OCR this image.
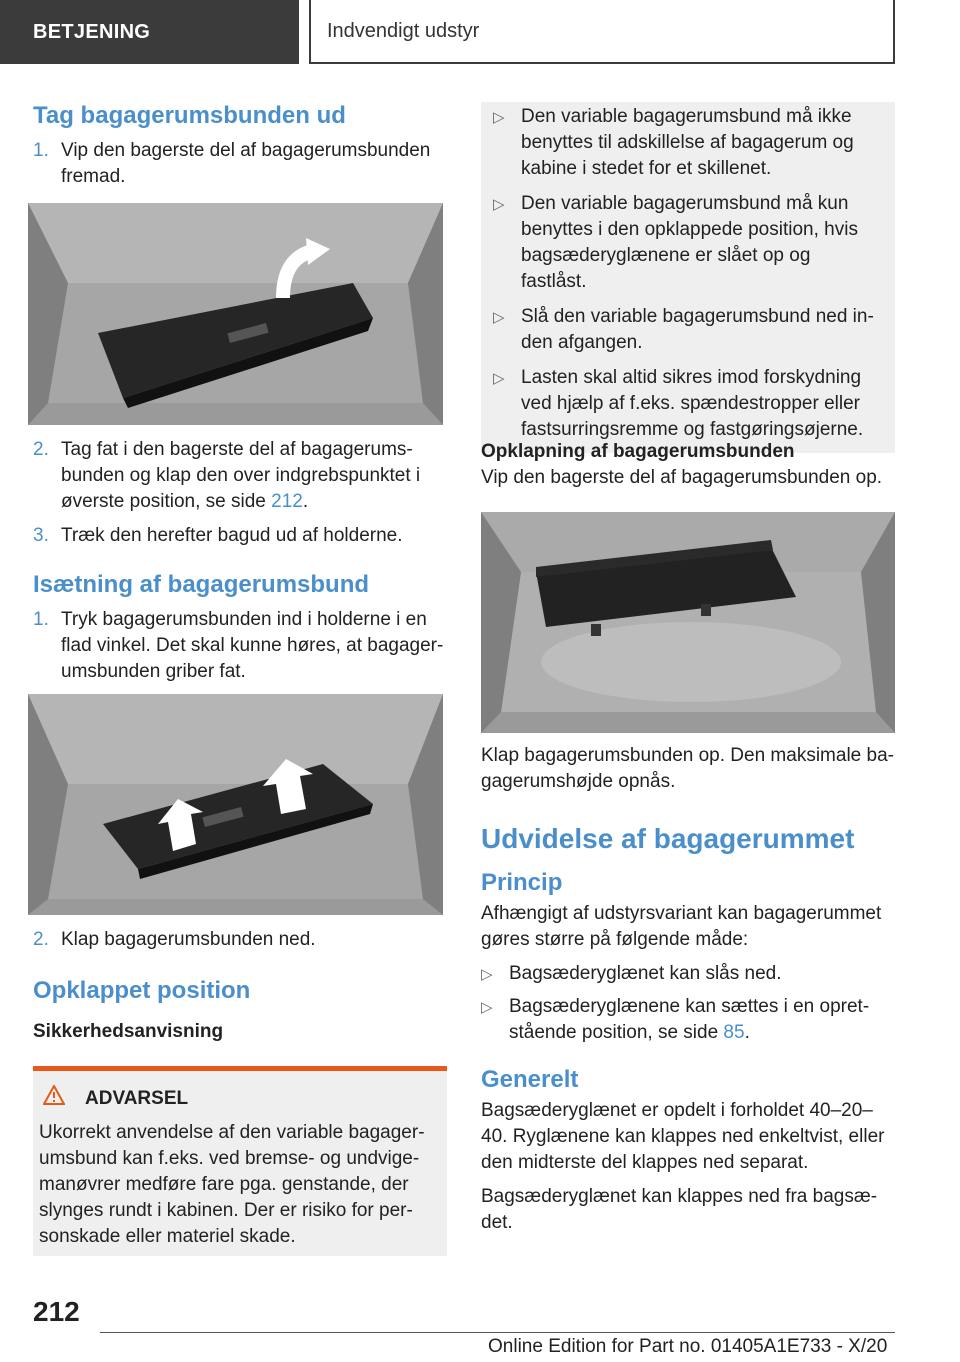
BETJENING	Indvendigt udstyr
Tag bagagerumsbunden ud
1. Vip den bagerste del af bagagerumsbunden fremad.
2. Tag fat i den bagerste del af bagagerumsbunden og klap den over indgrebspunktet i øverste position, se side 212.
3. Træk den herefter bagud ud af holderne.
Isætning af bagagerumsbund
1. Tryk bagagerumsbunden ind i holderne i en flad vinkel. Det skal kunne høres, at bagagerumsbunden griber fat.
2. Klap bagagerumsbunden ned.
Opklappet position

Sikkerhedsanvisning

ADVARSEL

Ukorrekt anvendelse af den variable bagagerumsbund kan f.eks. ved bremse- og undvigemanøvrer medføre fare pga. genstande, der slynges rundt i kabinen. Der er risiko for personskade eller materiel skade.

▷ Den variable bagagerumsbund må ikke benyttes til adskillelse af bagagerum og kabine i stedet for et skillenet.
▷ Den variable bagagerumsbund må kun benyttes i den opklappede position, hvis bagsæderyglænene er slået op og fastlåst.
▷ Slå den variable bagagerumsbund ned inden afgangen.
▷ Lasten skal altid sikres imod forskydning ved hjælp af f.eks. spændestropper eller fastsurringsremme og fastgøringsøjerne.

Opklapning af bagagerumsbunden

Vip den bagerste del af bagagerumsbunden op.

Klap bagagerumsbunden op. Den maksimale bagagerumshøjde opnås.

Udvidelse af bagagerummet
Princip

Afhængigt af udstyrsvariant kan bagagerummet gøres større på følgende måde:

▷ Bagsæderyglænet kan slås ned.
▷ Bagsæderyglænene kan sættes i en opretstående position, se side 85.
Generelt

Bagsæderyglænet er opdelt i forholdet 40–20–40. Ryglænene kan klappes ned enkeltvist, eller den midterste del klappes ned separat.

Bagsæderyglænet kan klappes ned fra bagsædet.

212
Online Edition for Part no. 01405A1E733 - X/20
